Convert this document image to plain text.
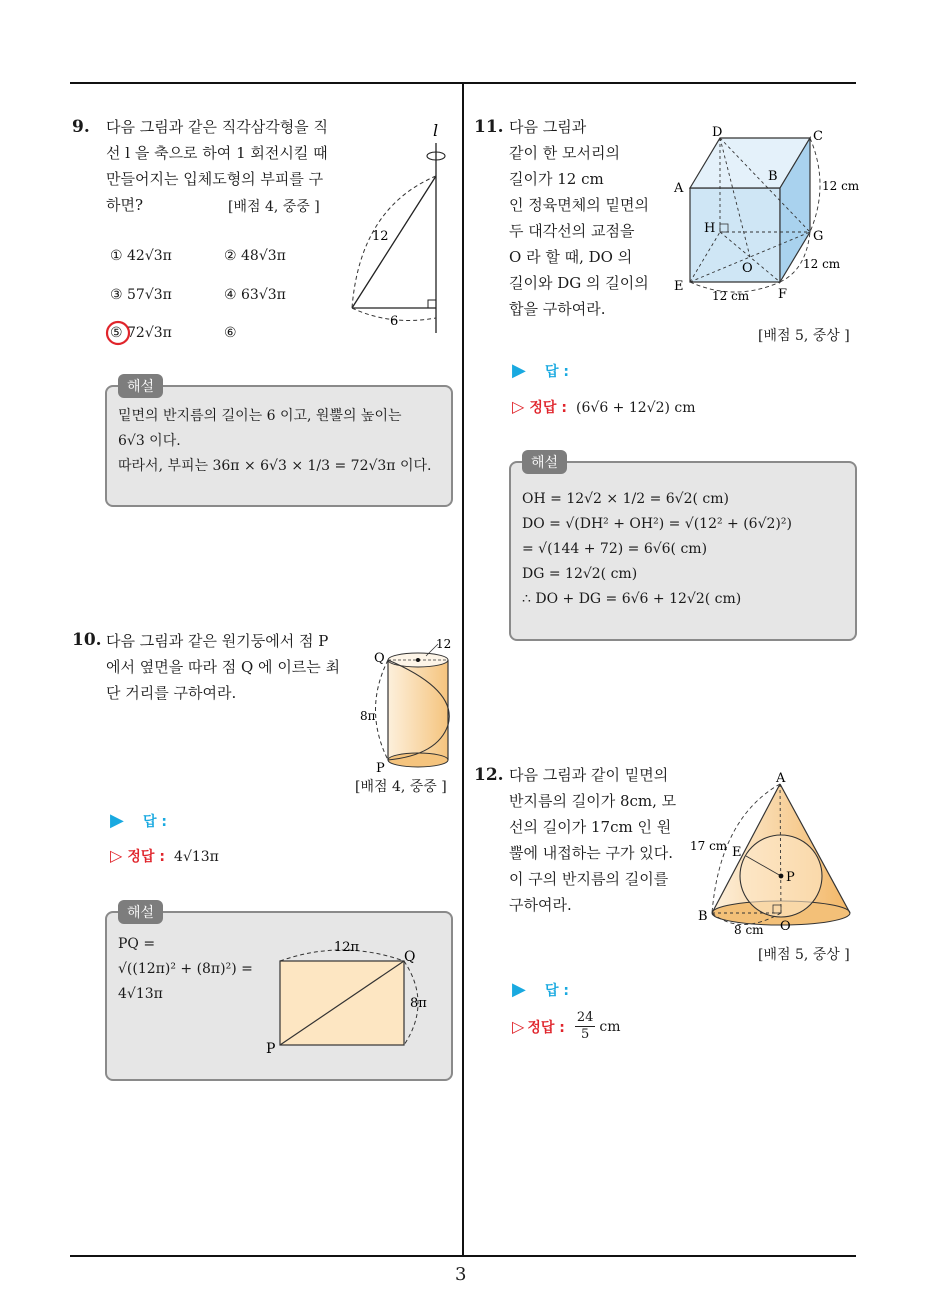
3
9. 다음 그림과 같은 직각삼각형을 직

선 l 을 축으로 하여 1 회전시킬 때

만들어지는 입체도형의 부피를 구

하면?	[배점 4, 중중 ]
① 42√3π	② 48√3π
③ 57√3π	④ 63√3π
⑤ 72√3π	⑥
l
12
6
해설
밑면의 반지름의 길이는 6 이고, 원뿔의 높이는
6√3 이다.
따라서, 부피는 36π × 6√3 × 1/3 = 72√3π 이다.
10. 다음 그림과 같은 원기둥에서 점 P

에서 옆면을 따라 점 Q 에 이르는 최

단 거리를 구하여라.

Q
P
12
8π
[배점 4, 중중 ]
▶ 답 :
▷ 정답 : 4√13π
해설
PQ =
√((12π)² + (8π)²) =
4√13π
12π
8π
P
Q
11. 다음 그림과

같이 한 모서리의

길이가 12 cm

인 정육면체의 밑면의

두 대각선의 교점을

O 라 할 때, DO 의

길이와 DG 의 길이의

합을 구하여라.

D	C
A
B
H
G
O
E
F
12 cm
12 cm
12 cm
[배점 5, 중상 ]
▶ 답 :
▷ 정답 : (6√6 + 12√2) cm
해설
OH = 12√2 × 1/2 = 6√2( cm)
DO = √(DH² + OH²) = √(12² + (6√2)²)
= √(144 + 72) = 6√6( cm)
DG = 12√2( cm)
∴ DO + DG = 6√6 + 12√2( cm)
12. 다음 그림과 같이 밑면의

반지름의 길이가 8cm, 모

선의 길이가 17cm 인 원

뿔에 내접하는 구가 있다.

이 구의 반지름의 길이를

구하여라.

A
B
E
O
P
17 cm
8 cm
[배점 5, 중상 ]
▶ 답 :
▷ 정답 : $\frac{24}{5}$ cm
